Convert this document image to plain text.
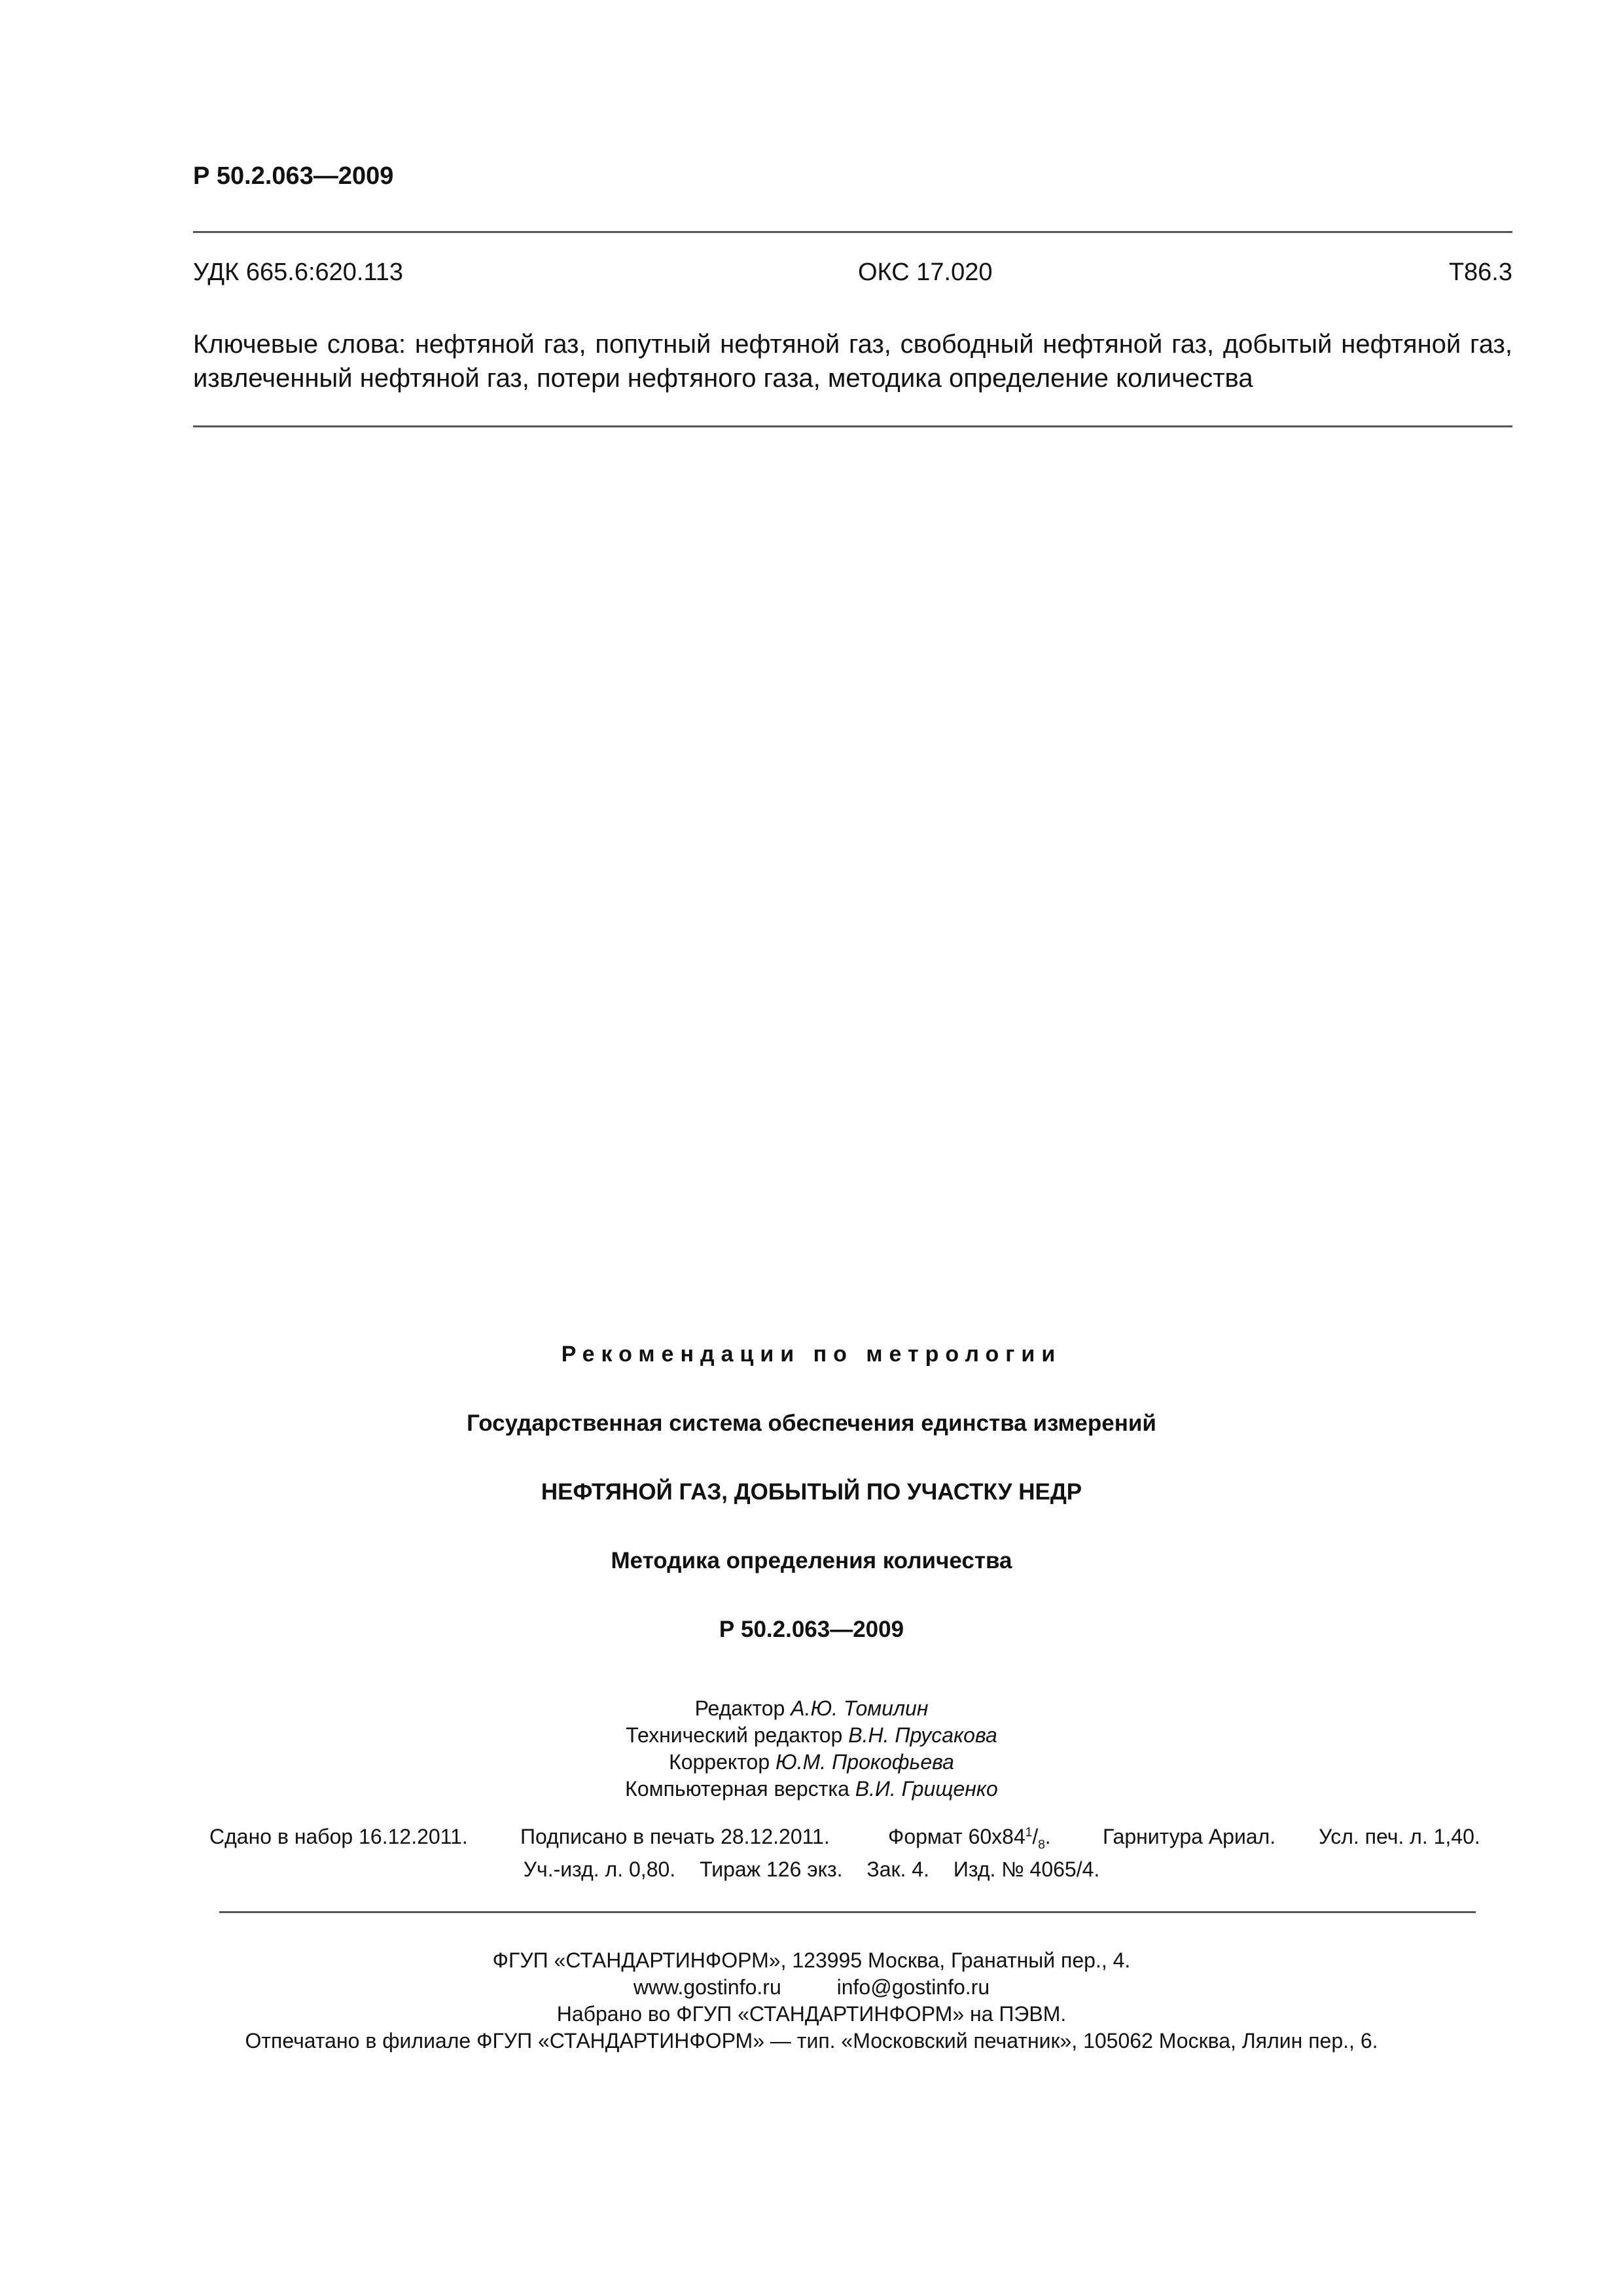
Р 50.2.063—2009
УДК 665.6:620.113	ОКС 17.020	Т86.3
Ключевые слова: нефтяной газ, попутный нефтяной газ, свободный нефтяной газ, добытый нефтяной газ, извлеченный нефтяной газ, потери нефтяного газа, методика определение количества
Рекомендации по метрологии
Государственная система обеспечения единства измерений
НЕФТЯНОЙ ГАЗ, ДОБЫТЫЙ ПО УЧАСТКУ НЕДР
Методика определения количества
Р 50.2.063—2009
Редактор А.Ю. Томилин
Технический редактор В.Н. Прусакова
Корректор Ю.М. Прокофьева
Компьютерная верстка В.И. Грищенко
Сдано в набор 16.12.2011.	Подписано в печать 28.12.2011.	Формат $60х84^1/_8$. Гарнитура Ариал. Усл. печ. л. 1,40.
Уч.-изд. л. 0,80. Тираж 126 экз. Зак. 4. Изд. № 4065/4.
ФГУП «СТАНДАРТИНФОРМ», 123995 Москва, Гранатный пер., 4.
www.gostinfo.ru	info@gostinfo.ru
Набрано во ФГУП «СТАНДАРТИНФОРМ» на ПЭВМ.
Отпечатано в филиале ФГУП «СТАНДАРТИНФОРМ» — тип. «Московский печатник», 105062 Москва, Лялин пер., 6.
